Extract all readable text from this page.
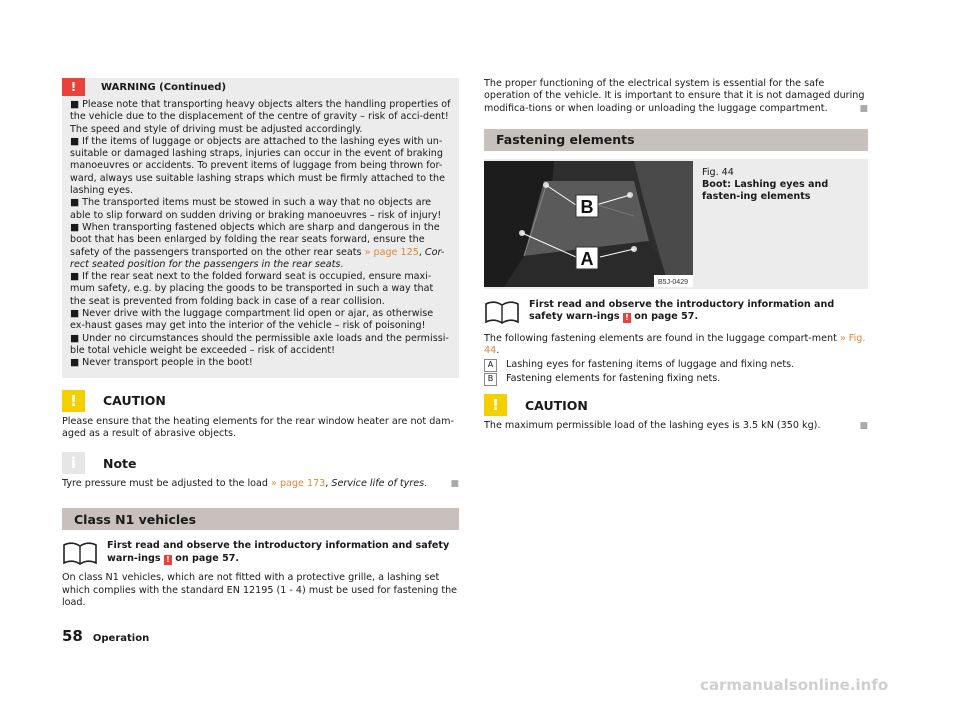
!	WARNING (Continued)

■ Please note that transporting heavy objects alters the handling properties of the vehicle due to the displacement of the centre of gravity – risk of acci-dent! The speed and style of driving must be adjusted accordingly.

■ If the items of luggage or objects are attached to the lashing eyes with un-suitable or damaged lashing straps, injuries can occur in the event of braking manoeuvres or accidents. To prevent items of luggage from being thrown for-ward, always use suitable lashing straps which must be firmly attached to the lashing eyes.

■ The transported items must be stowed in such a way that no objects are able to slip forward on sudden driving or braking manoeuvres – risk of injury!

■ When transporting fastened objects which are sharp and dangerous in the boot that has been enlarged by folding the rear seats forward, ensure the safety of the passengers transported on the other rear seats » page 125, Cor-rect seated position for the passengers in the rear seats.

■ If the rear seat next to the folded forward seat is occupied, ensure maxi-mum safety, e.g. by placing the goods to be transported in such a way that the seat is prevented from folding back in case of a rear collision.

■ Never drive with the luggage compartment lid open or ajar, as otherwise ex-haust gases may get into the interior of the vehicle – risk of poisoning!

■ Under no circumstances should the permissible axle loads and the permissi-ble total vehicle weight be exceeded – risk of accident!

■ Never transport people in the boot!

!	CAUTION

Please ensure that the heating elements for the rear window heater are not dam-aged as a result of abrasive objects.

i	Note

Tyre pressure must be adjusted to the load » page 173, Service life of tyres.	■

Class N1 vehicles
First read and observe the introductory information and safety warn-ings ! on page 57.

On class N1 vehicles, which are not fitted with a protective grille, a lashing set which complies with the standard EN 12195 (1 - 4) must be used for fastening the load.

The proper functioning of the electrical system is essential for the safe operation of the vehicle. It is important to ensure that it is not damaged during modifica-tions or when loading or unloading the luggage compartment.	■

Fastening elements
B
A
B5J-0429
Fig. 44
Boot: Lashing eyes and fasten-ing elements
First read and observe the introductory information and safety warn-ings ! on page 57.

The following fastening elements are found in the luggage compart-ment » Fig. 44.

A	Lashing eyes for fastening items of luggage and fixing nets.
B	Fastening elements for fastening fixing nets.
!	CAUTION

The maximum permissible load of the lashing eyes is 3.5 kN (350 kg).	■

58 Operation
carmanualsonline.info
